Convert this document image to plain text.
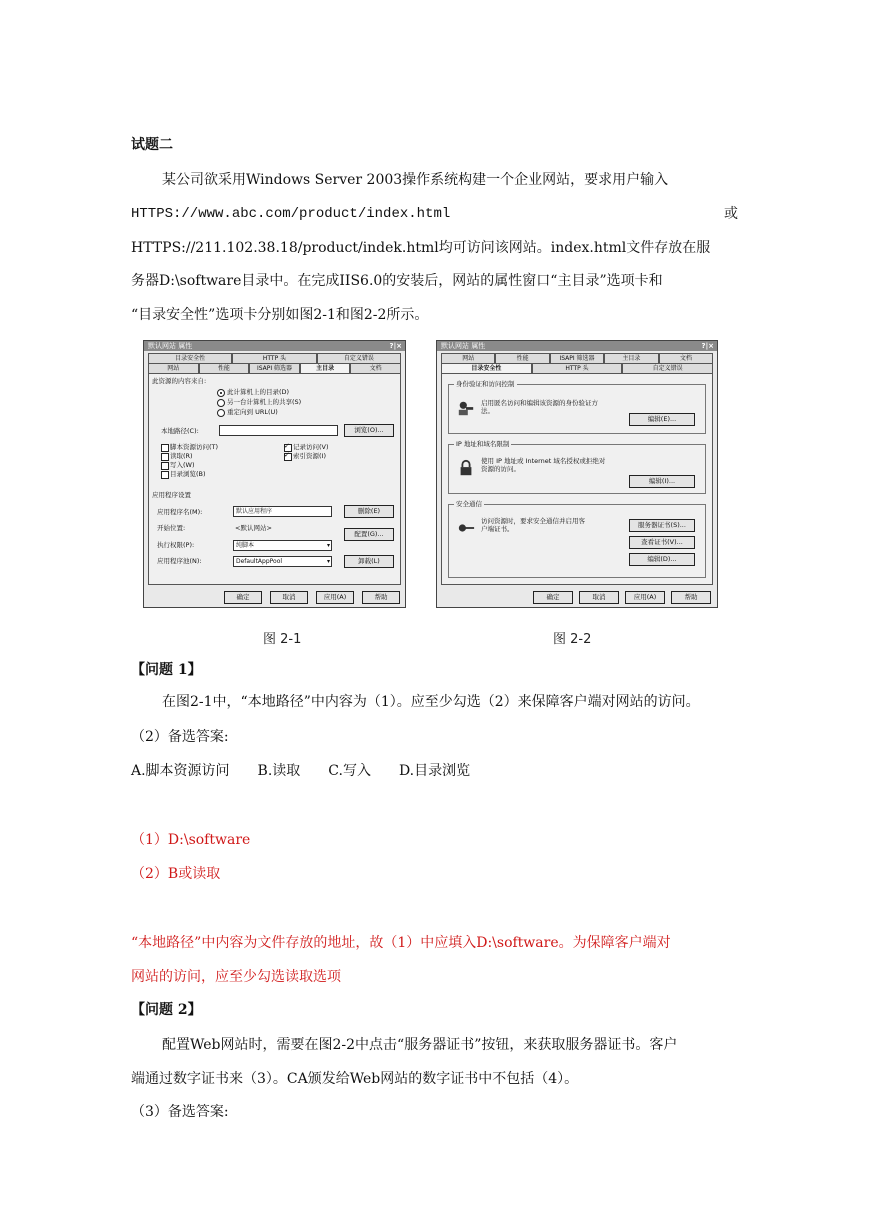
试题二
某公司欲采用Windows Server 2003操作系统构建一个企业网站，要求用户输入
HTTPS://www.abc.com/product/index.html	或
HTTPS://211.102.38.18/product/indek.html均可访问该网站。index.html文件存放在服
务器D:\software目录中。在完成IIS6.0的安装后，网站的属性窗口“主目录”选项卡和
“目录安全性”选项卡分别如图2-1和图2-2所示。
默认网站 属性	?|×
目录安全性	HTTP 头	自定义错误
网站	性能	ISAPI 筛选器	主目录	文档
此资源的内容来自:
此计算机上的目录(D)
另一台计算机上的共享(S)
重定向到 URL(U)
本地路径(C):	浏览(O)...
脚本资源访问(T)
读取(R)
写入(W)
目录浏览(B)
✓
记录访问(V)
✓
索引资源(I)
应用程序设置
应用程序名(M):	默认应用程序	删除(E)
开始位置:	<默认网站>
配置(G)...
执行权限(P):	纯脚本	▾
应用程序池(N):	DefaultAppPool	▾	卸载(L)
确定	取消	应用(A)	帮助
图 2-1
默认网站 属性	?|×
网站	性能	ISAPI 筛选器	主目录	文档
目录安全性	HTTP 头	自定义错误
身份验证和访问控制
启用匿名访问和编辑该资源的身份验证方法。
编辑(E)...
IP 地址和域名限制
使用 IP 地址或 Internet 域名授权或拒绝对资源的访问。
编辑(I)...
安全通信
访问资源时，要求安全通信并启用客户端证书。	服务器证书(S)...
查看证书(V)...
编辑(D)...
确定	取消	应用(A)	帮助
图 2-2
【问题 1】
在图2-1中，“本地路径”中内容为（1）。应至少勾选（2）来保障客户端对网站的访问。
（2）备选答案:
A.脚本资源访问　　B.读取　　C.写入　　D.目录浏览
（1）D:\software
（2）B或读取
“本地路径”中内容为文件存放的地址，故（1）中应填入D:\software。为保障客户端对
网站的访问，应至少勾选读取选项
【问题 2】
配置Web网站时，需要在图2-2中点击“服务器证书”按钮，来获取服务器证书。客户
端通过数字证书来（3）。CA颁发给Web网站的数字证书中不包括（4）。
（3）备选答案:
